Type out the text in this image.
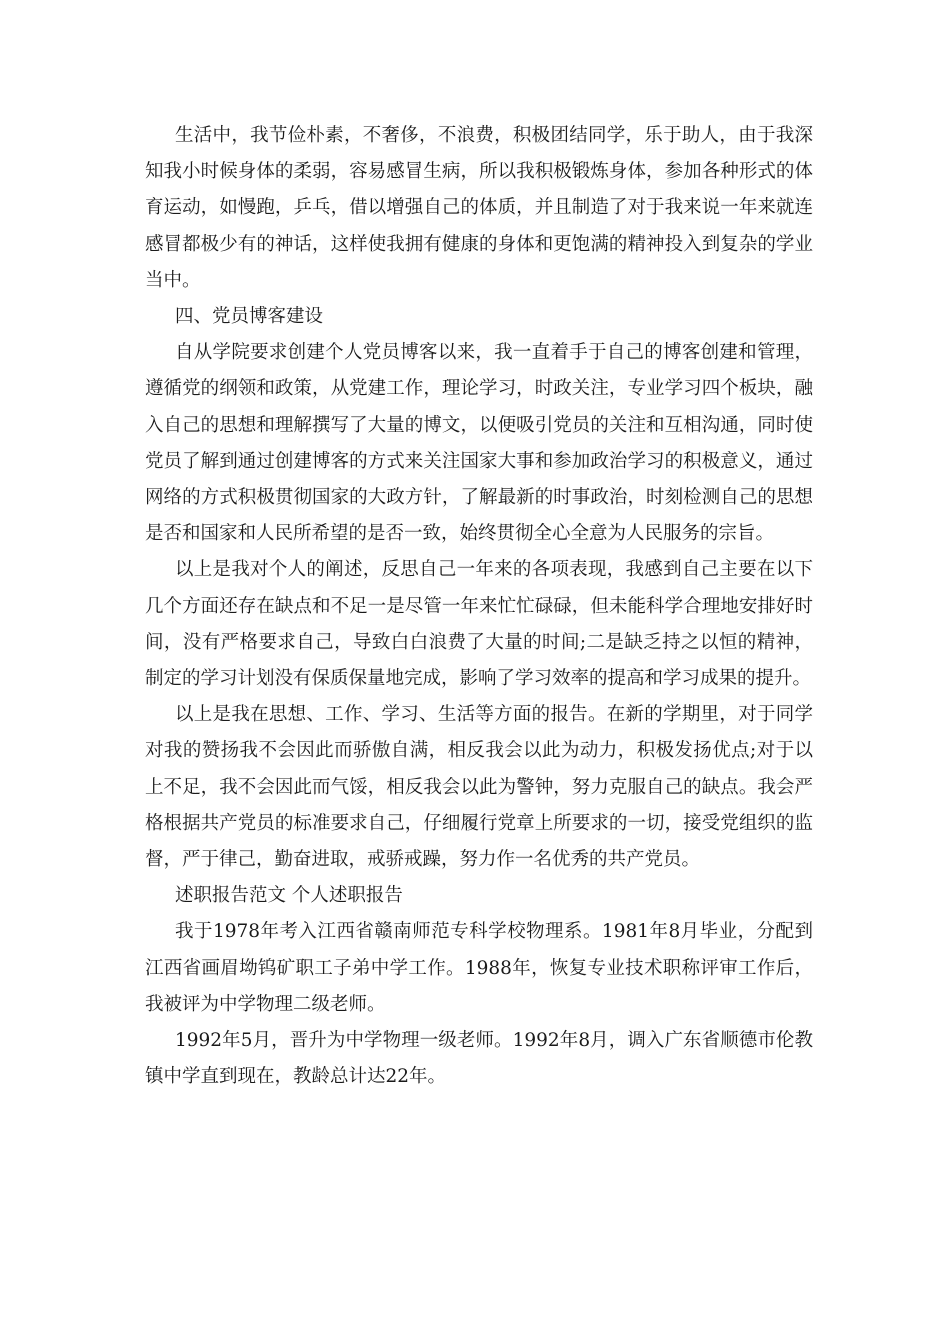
生活中，我节俭朴素，不奢侈，不浪费，积极团结同学，乐于助人，由于我深知我小时候身体的柔弱，容易感冒生病，所以我积极锻炼身体，参加各种形式的体育运动，如慢跑，乒乓，借以增强自己的体质，并且制造了对于我来说一年来就连感冒都极少有的神话，这样使我拥有健康的身体和更饱满的精神投入到复杂的学业当中。

四、党员博客建设

自从学院要求创建个人党员博客以来，我一直着手于自己的博客创建和管理，遵循党的纲领和政策，从党建工作，理论学习，时政关注，专业学习四个板块，融入自己的思想和理解撰写了大量的博文，以便吸引党员的关注和互相沟通，同时使党员了解到通过创建博客的方式来关注国家大事和参加政治学习的积极意义，通过网络的方式积极贯彻国家的大政方针，了解最新的时事政治，时刻检测自己的思想是否和国家和人民所希望的是否一致，始终贯彻全心全意为人民服务的宗旨。

以上是我对个人的阐述，反思自己一年来的各项表现，我感到自己主要在以下几个方面还存在缺点和不足一是尽管一年来忙忙碌碌，但未能科学合理地安排好时间，没有严格要求自己，导致白白浪费了大量的时间;二是缺乏持之以恒的精神，制定的学习计划没有保质保量地完成，影响了学习效率的提高和学习成果的提升。

以上是我在思想、工作、学习、生活等方面的报告。在新的学期里，对于同学对我的赞扬我不会因此而骄傲自满，相反我会以此为动力，积极发扬优点;对于以上不足，我不会因此而气馁，相反我会以此为警钟，努力克服自己的缺点。我会严格根据共产党员的标准要求自己，仔细履行党章上所要求的一切，接受党组织的监督，严于律己，勤奋进取，戒骄戒躁，努力作一名优秀的共产党员。

述职报告范文 个人述职报告

我于1978年考入江西省赣南师范专科学校物理系。1981年8月毕业，分配到江西省画眉坳钨矿职工子弟中学工作。1988年，恢复专业技术职称评审工作后，我被评为中学物理二级老师。

1992年5月，晋升为中学物理一级老师。1992年8月，调入广东省顺德市伦教镇中学直到现在，教龄总计达22年。
